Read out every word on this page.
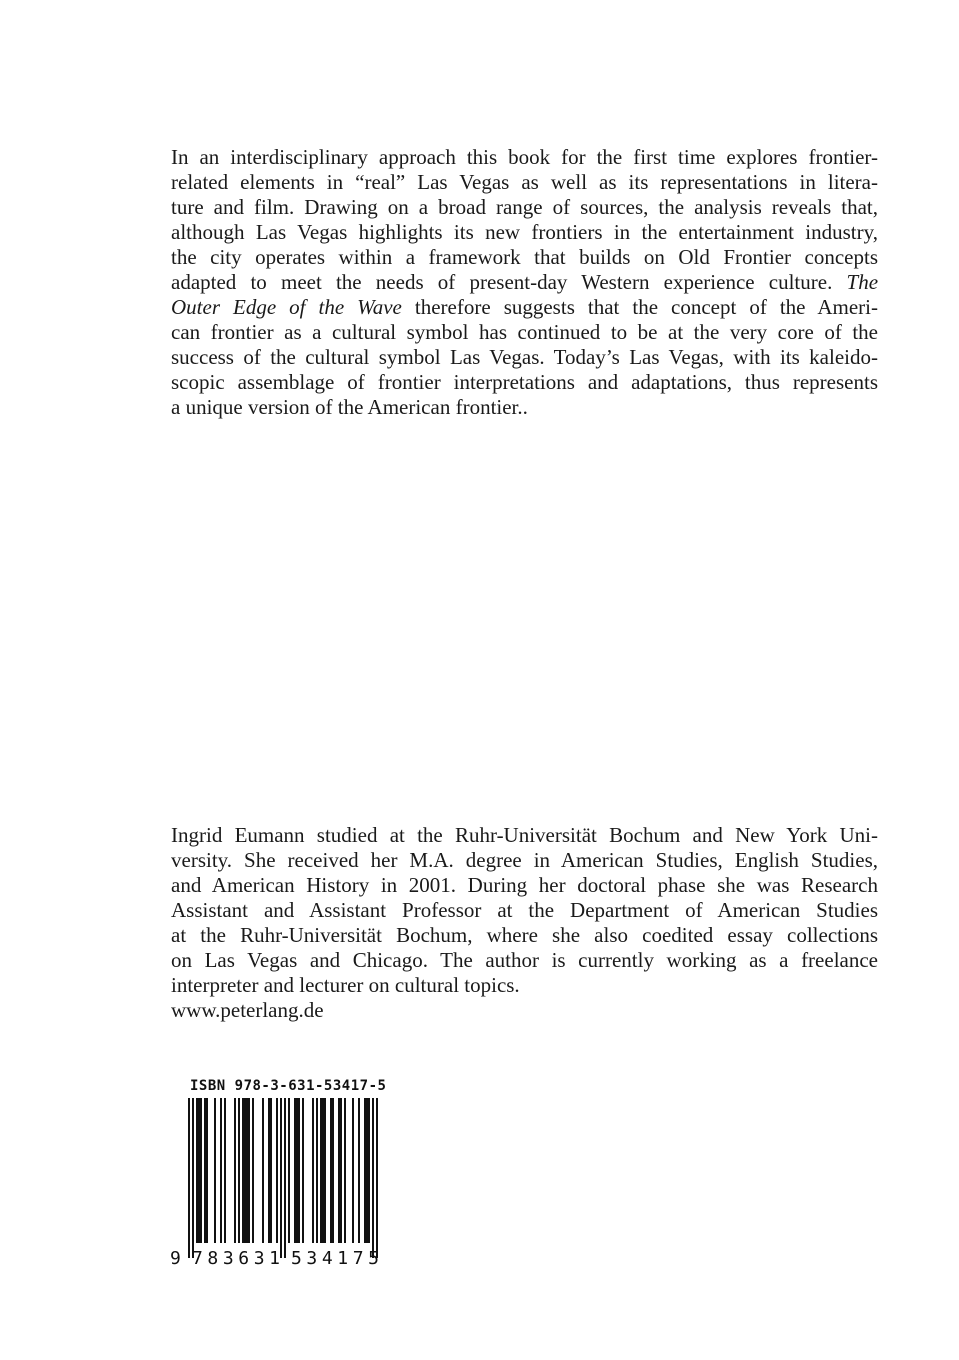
In an interdisciplinary approach this book for the first time explores frontier-
related elements in “real” Las Vegas as well as its representations in litera-
ture and film. Drawing on a broad range of sources, the analysis reveals that,
although Las Vegas highlights its new frontiers in the entertainment industry,
the city operates within a framework that builds on Old Frontier concepts
adapted to meet the needs of present-day Western experience culture. The
Outer Edge of the Wave therefore suggests that the concept of the Ameri-
can frontier as a cultural symbol has continued to be at the very core of the
success of the cultural symbol Las Vegas. Today’s Las Vegas, with its kaleido-
scopic assemblage of frontier interpretations and adaptations, thus represents
a unique version of the American frontier..
Ingrid Eumann studied at the Ruhr-Universität Bochum and New York Uni-
versity. She received her M.A. degree in American Studies, English Studies,
and American History in 2001. During her doctoral phase she was Research
Assistant and Assistant Professor at the Department of American Studies
at the Ruhr-Universität Bochum, where she also coedited essay collections
on Las Vegas and Chicago. The author is currently working as a freelance
interpreter and lecturer on cultural topics.
www.peterlang.de
ISBN 978-3-631-53417-5
9 783631 534175
